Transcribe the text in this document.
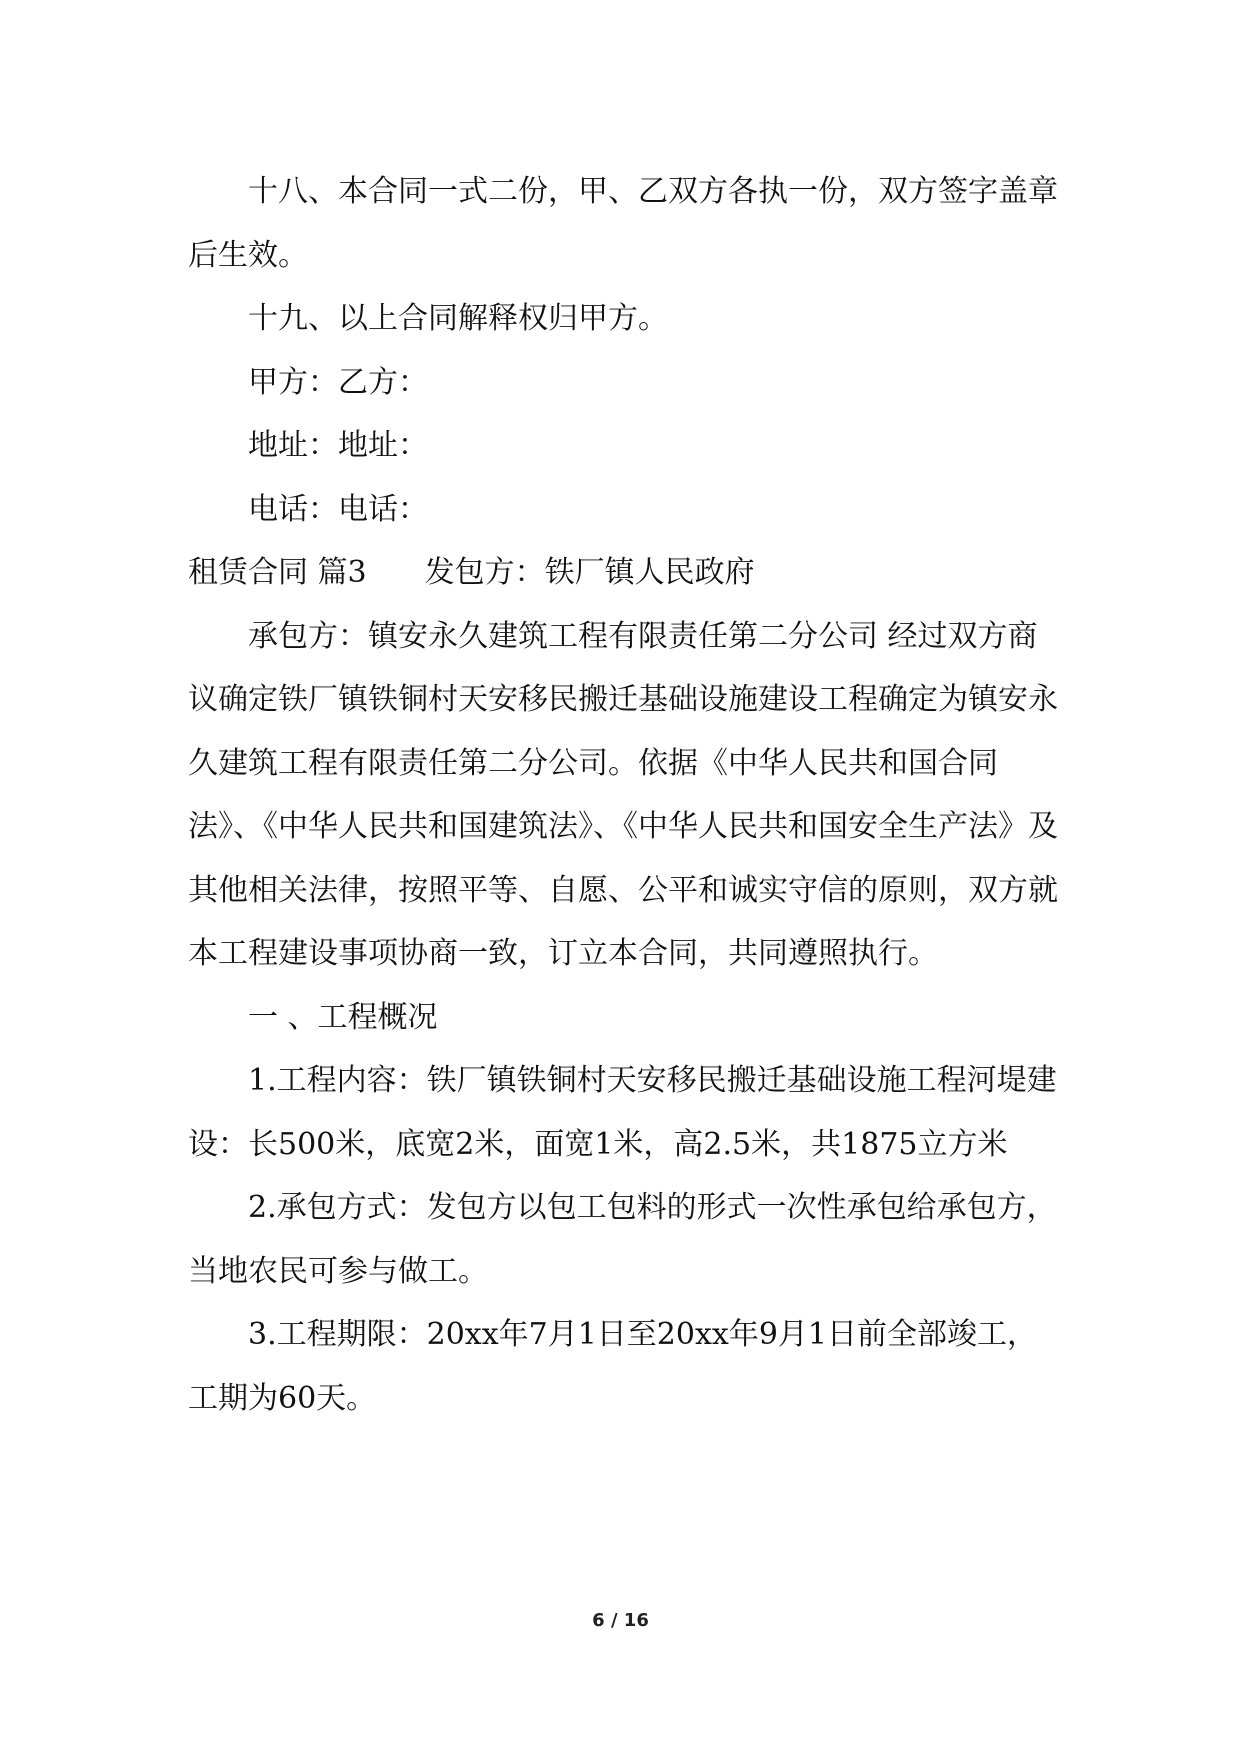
十八、本合同一式二份，甲、乙双方各执一份，双方签字盖章后生效。

十九、以上合同解释权归甲方。

甲方：乙方：

地址：地址：

电话：电话：

租赁合同 篇3 发包方：铁厂镇人民政府

承包方：镇安永久建筑工程有限责任第二分公司 经过双方商议确定铁厂镇铁铜村天安移民搬迁基础设施建设工程确定为镇安永久建筑工程有限责任第二分公司。依据《中华人民共和国合同法》、《中华人民共和国建筑法》、《中华人民共和国安全生产法》及其他相关法律，按照平等、自愿、公平和诚实守信的原则，双方就本工程建设事项协商一致，订立本合同，共同遵照执行。

一 、工程概况

1.工程内容：铁厂镇铁铜村天安移民搬迁基础设施工程河堤建设：长500米，底宽2米，面宽1米，高2.5米，共1875立方米

2.承包方式：发包方以包工包料的形式一次性承包给承包方，当地农民可参与做工。

3.工程期限：20xx年7月1日至20xx年9月1日前全部竣工，工期为60天。

6 / 16
